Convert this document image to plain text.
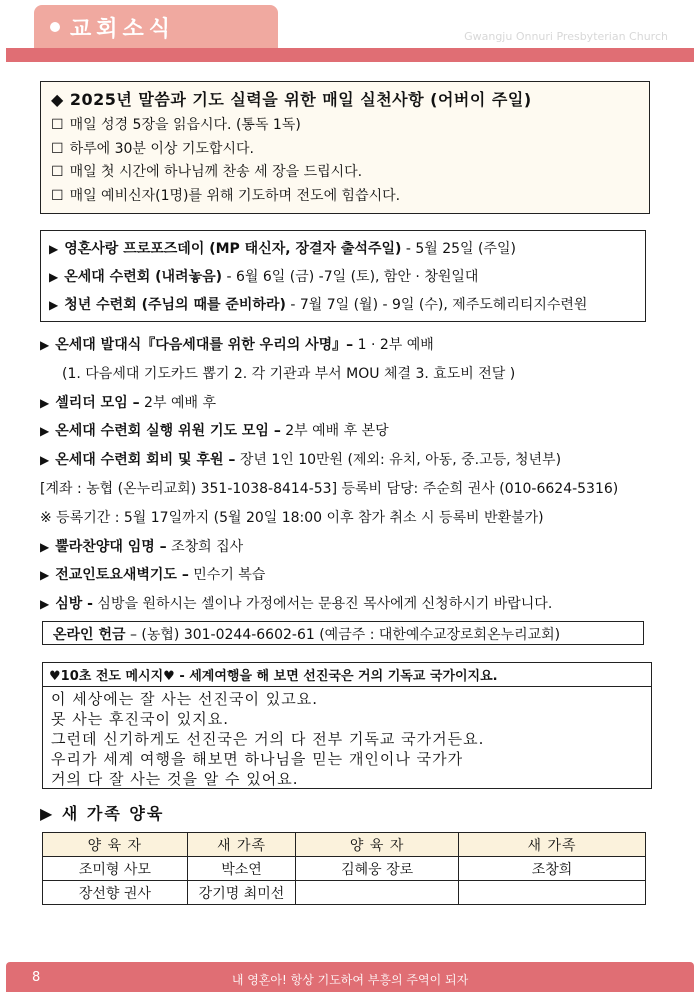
교회소식	Gwangju Onnuri Presbyterian Church
◆ 2025년 말씀과 기도 실력을 위한 매일 실천사항 (어버이 주일)
☐ 매일 성경 5장을 읽읍시다. (통독 1독)
☐ 하루에 30분 이상 기도합시다.
☐ 매일 첫 시간에 하나님께 찬송 세 장을 드립시다.
☐ 매일 예비신자(1명)를 위해 기도하며 전도에 힘씁시다.
▶ 영혼사랑 프로포즈데이 (MP 태신자, 장결자 출석주일) - 5월 25일 (주일)
▶ 온세대 수련회 (내려놓음) - 6월 6일 (금) -7일 (토), 함안 · 창원일대
▶ 청년 수련회 (주님의 때를 준비하라) - 7월 7일 (월) - 9일 (수), 제주도헤리티지수련원
▶ 온세대 발대식『다음세대를 위한 우리의 사명』– 1 · 2부 예배
(1. 다음세대 기도카드 뽑기 2. 각 기관과 부서 MOU 체결 3. 효도비 전달 )
▶ 셀리더 모임 – 2부 예배 후
▶ 온세대 수련회 실행 위원 기도 모임 – 2부 예배 후 본당
▶ 온세대 수련회 회비 및 후원 – 장년 1인 10만원 (제외: 유치, 아동, 중.고등, 청년부)
[계좌 : 농협 (온누리교회) 351-1038-8414-53] 등록비 담당: 주순희 권사 (010-6624-5316)
※ 등록기간 : 5월 17일까지 (5월 20일 18:00 이후 참가 취소 시 등록비 반환불가)
▶ 뿔라찬양대 임명 – 조창희 집사
▶ 전교인토요새벽기도 – 민수기 복습
▶ 심방 - 심방을 원하시는 셀이나 가정에서는 문용진 목사에게 신청하시기 바랍니다.
온라인 헌금 – (농협) 301-0244-6602-61 (예금주 : 대한예수교장로회온누리교회)
♥10초 전도 메시지♥ - 세계여행을 해 보면 선진국은 거의 기독교 국가이지요.
이 세상에는 잘 사는 선진국이 있고요.
못 사는 후진국이 있지요.
그런데 신기하게도 선진국은 거의 다 전부 기독교 국가거든요.
우리가 세계 여행을 해보면 하나님을 믿는 개인이나 국가가
거의 다 잘 사는 것을 알 수 있어요.
▶ 새 가족 양육
양 육 자	새 가족	양 육 자	새 가족
조미형 사모	박소연	김혜웅 장로	조창희
장선향 권사	강기명 최미선		
8	내 영혼아! 항상 기도하여 부흥의 주역이 되자
